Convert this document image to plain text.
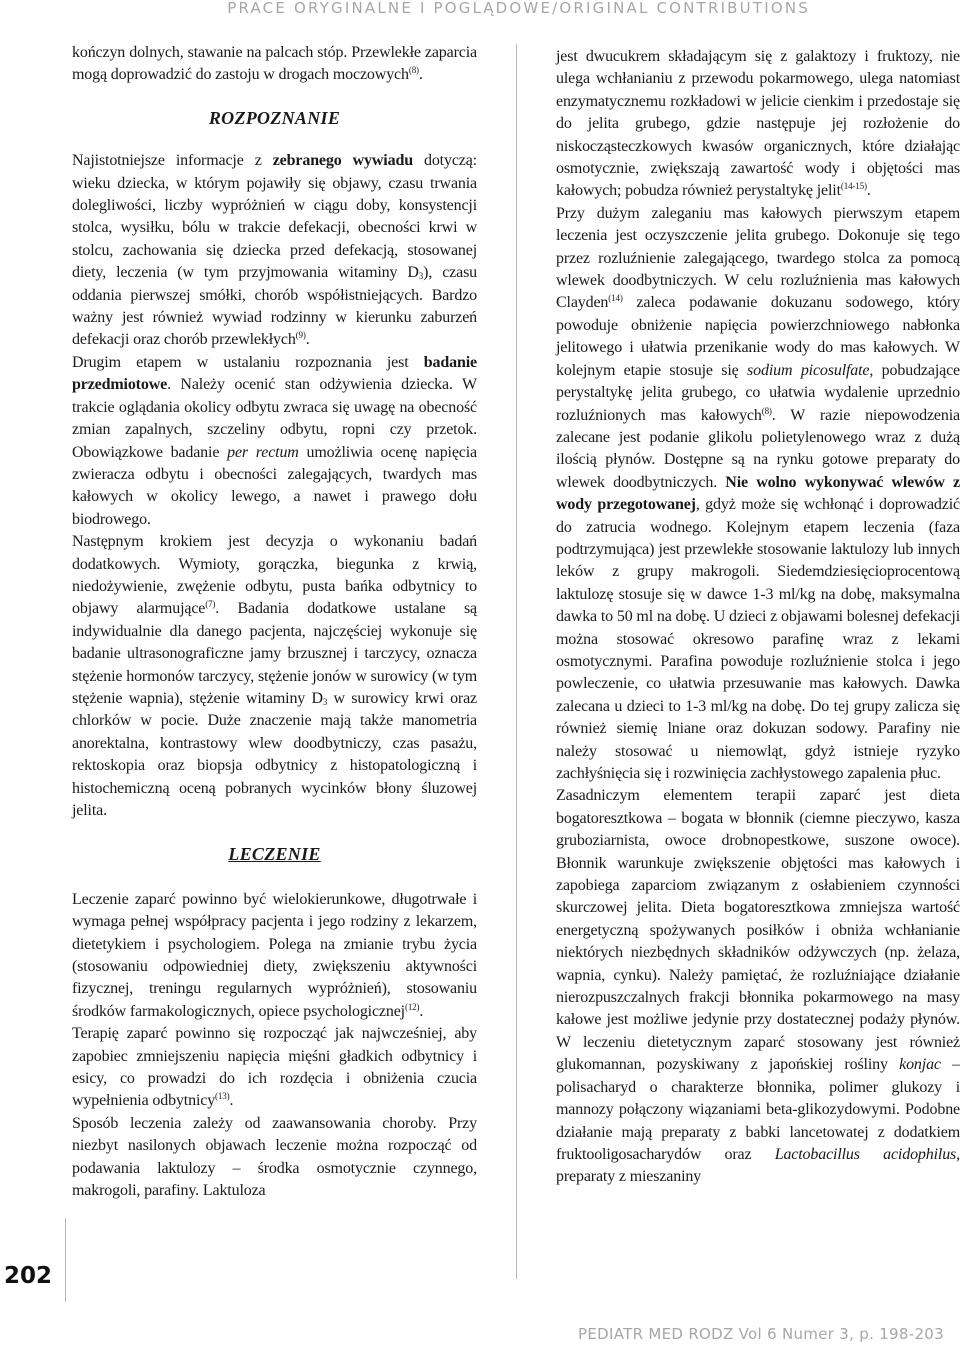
PRACE ORYGINALNE I POGLĄDOWE/ORIGINAL CONTRIBUTIONS

kończyn dolnych, stawanie na palcach stóp. Przewlekłe zaparcia mogą doprowadzić do zastoju w drogach moczowych$^{(8)}$.

ROZPOZNANIE

Najistotniejsze informacje z zebranego wywiadu dotyczą: wieku dziecka, w którym pojawiły się objawy, czasu trwania dolegliwości, liczby wypróżnień w ciągu doby, konsystencji stolca, wysiłku, bólu w trakcie defekacji, obecności krwi w stolcu, zachowania się dziecka przed defekacją, stosowanej diety, leczenia (w tym przyjmowania witaminy $D_3$), czasu oddania pierwszej smółki, chorób współistniejących. Bardzo ważny jest również wywiad rodzinny w kierunku zaburzeń defekacji oraz chorób przewlekłych$^{(9)}$.

Drugim etapem w ustalaniu rozpoznania jest badanie przedmiotowe. Należy ocenić stan odżywienia dziecka. W trakcie oglądania okolicy odbytu zwraca się uwagę na obecność zmian zapalnych, szczeliny odbytu, ropni czy przetok. Obowiązkowe badanie per rectum umożliwia ocenę napięcia zwieracza odbytu i obecności zalegających, twardych mas kałowych w okolicy lewego, a nawet i prawego dołu biodrowego.

Następnym krokiem jest decyzja o wykonaniu badań dodatkowych. Wymioty, gorączka, biegunka z krwią, niedożywienie, zwężenie odbytu, pusta bańka odbytnicy to objawy alarmujące$^{(7)}$. Badania dodatkowe ustalane są indywidualnie dla danego pacjenta, najczęściej wykonuje się badanie ultrasonograficzne jamy brzusznej i tarczycy, oznacza stężenie hormonów tarczycy, stężenie jonów w surowicy (w tym stężenie wapnia), stężenie witaminy $D_3$ w surowicy krwi oraz chlorków w pocie. Duże znaczenie mają także manometria anorektalna, kontrastowy wlew doodbytniczy, czas pasażu, rektoskopia oraz biopsja odbytnicy z histopatologiczną i histochemiczną oceną pobranych wycinków błony śluzowej jelita.

LECZENIE

Leczenie zaparć powinno być wielokierunkowe, długotrwałe i wymaga pełnej współpracy pacjenta i jego rodziny z lekarzem, dietetykiem i psychologiem. Polega na zmianie trybu życia (stosowaniu odpowiedniej diety, zwiększeniu aktywności fizycznej, treningu regularnych wypróżnień), stosowaniu środków farmakologicznych, opiece psychologicznej$^{(12)}$.

Terapię zaparć powinno się rozpocząć jak najwcześniej, aby zapobiec zmniejszeniu napięcia mięśni gładkich odbytnicy i esicy, co prowadzi do ich rozdęcia i obniżenia czucia wypełnienia odbytnicy$^{(13)}$.

Sposób leczenia zależy od zaawansowania choroby. Przy niezbyt nasilonych objawach leczenie można rozpocząć od podawania laktulozy – środka osmotycznie czynnego, makrogoli, parafiny. Laktuloza

jest dwucukrem składającym się z galaktozy i fruktozy, nie ulega wchłanianiu z przewodu pokarmowego, ulega natomiast enzymatycznemu rozkładowi w jelicie cienkim i przedostaje się do jelita grubego, gdzie następuje jej rozłożenie do niskocząsteczkowych kwasów organicznych, które działając osmotycznie, zwiększają zawartość wody i objętości mas kałowych; pobudza również perystaltykę jelit$^{(14-15)}$.

Przy dużym zaleganiu mas kałowych pierwszym etapem leczenia jest oczyszczenie jelita grubego. Dokonuje się tego przez rozluźnienie zalegającego, twardego stolca za pomocą wlewek doodbytniczych. W celu rozluźnienia mas kałowych Clayden$^{(14)}$ zaleca podawanie dokuzanu sodowego, który powoduje obniżenie napięcia powierzchniowego nabłonka jelitowego i ułatwia przenikanie wody do mas kałowych. W kolejnym etapie stosuje się sodium picosulfate, pobudzające perystaltykę jelita grubego, co ułatwia wydalenie uprzednio rozluźnionych mas kałowych$^{(8)}$. W razie niepowodzenia zalecane jest podanie glikolu polietylenowego wraz z dużą ilością płynów. Dostępne są na rynku gotowe preparaty do wlewek doodbytniczych. Nie wolno wykonywać wlewów z wody przegotowanej, gdyż może się wchłonąć i doprowadzić do zatrucia wodnego. Kolejnym etapem leczenia (faza podtrzymująca) jest przewlekłe stosowanie laktulozy lub innych leków z grupy makrogoli. Siedemdziesięcioprocentową laktulozę stosuje się w dawce 1-3 ml/kg na dobę, maksymalna dawka to 50 ml na dobę. U dzieci z objawami bolesnej defekacji można stosować okresowo parafinę wraz z lekami osmotycznymi. Parafina powoduje rozluźnienie stolca i jego powleczenie, co ułatwia przesuwanie mas kałowych. Dawka zalecana u dzieci to 1-3 ml/kg na dobę. Do tej grupy zalicza się również siemię lniane oraz dokuzan sodowy. Parafiny nie należy stosować u niemowląt, gdyż istnieje ryzyko zachłyśnięcia się i rozwinięcia zachłystowego zapalenia płuc.

Zasadniczym elementem terapii zaparć jest dieta bogatoresztkowa – bogata w błonnik (ciemne pieczywo, kasza gruboziarnista, owoce drobnopestkowe, suszone owoce). Błonnik warunkuje zwiększenie objętości mas kałowych i zapobiega zaparciom związanym z osłabieniem czynności skurczowej jelita. Dieta bogatoresztkowa zmniejsza wartość energetyczną spożywanych posiłków i obniża wchłanianie niektórych niezbędnych składników odżywczych (np. żelaza, wapnia, cynku). Należy pamiętać, że rozluźniające działanie nierozpuszczalnych frakcji błonnika pokarmowego na masy kałowe jest możliwe jedynie przy dostatecznej podaży płynów. W leczeniu dietetycznym zaparć stosowany jest również glukomannan, pozyskiwany z japońskiej rośliny konjac – polisacharyd o charakterze błonnika, polimer glukozy i mannozy połączony wiązaniami beta-glikozydowymi. Podobne działanie mają preparaty z babki lancetowatej z dodatkiem fruktooligosacharydów oraz Lactobacillus acidophilus, preparaty z mieszaniny

202
PEDIATR MED RODZ Vol 6 Numer 3, p. 198-203
